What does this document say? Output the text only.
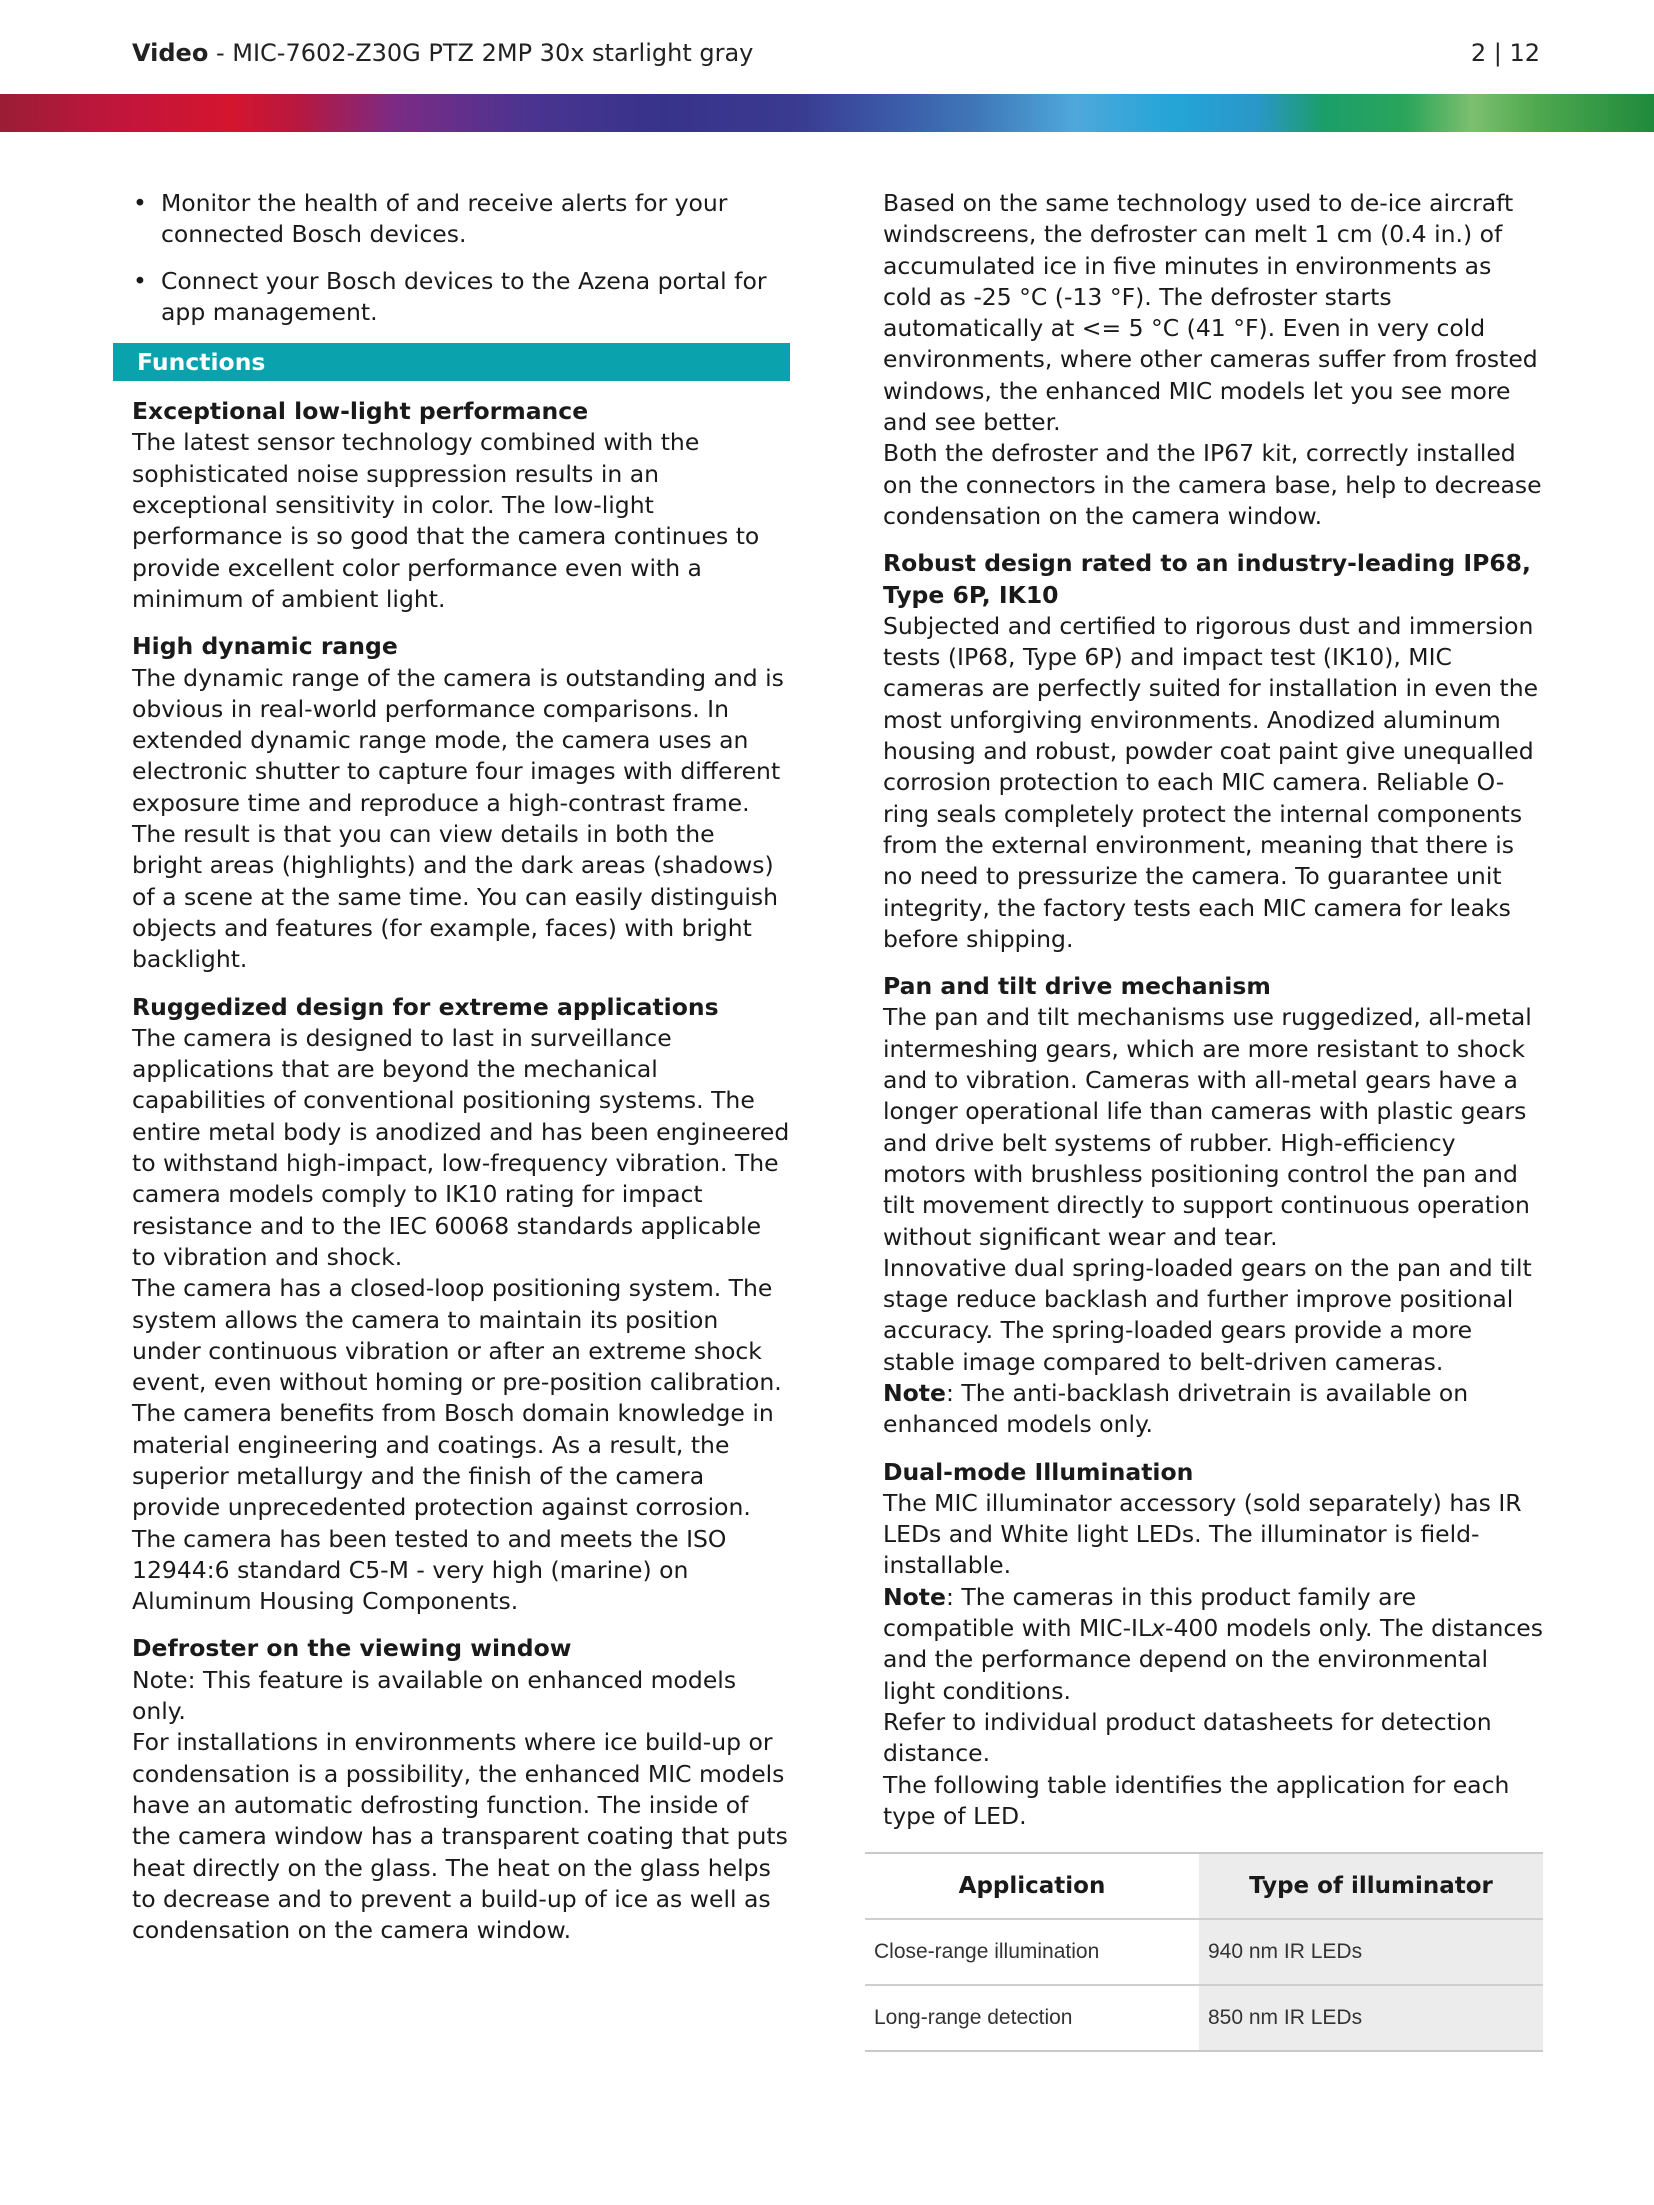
Video - MIC-7602-Z30G PTZ 2MP 30x starlight gray	2 | 12
• Monitor the health of and receive alerts for your connected Bosch devices.
• Connect your Bosch devices to the Azena portal for app management.
Functions
Exceptional low-light performance

The latest sensor technology combined with the sophisticated noise suppression results in an exceptional sensitivity in color. The low-light performance is so good that the camera continues to provide excellent color performance even with a minimum of ambient light.

High dynamic range

The dynamic range of the camera is outstanding and is obvious in real-world performance comparisons. In extended dynamic range mode, the camera uses an electronic shutter to capture four images with different exposure time and reproduce a high-contrast frame. The result is that you can view details in both the bright areas (highlights) and the dark areas (shadows) of a scene at the same time. You can easily distinguish objects and features (for example, faces) with bright backlight.

Ruggedized design for extreme applications

The camera is designed to last in surveillance applications that are beyond the mechanical capabilities of conventional positioning systems. The entire metal body is anodized and has been engineered to withstand high-impact, low-frequency vibration. The camera models comply to IK10 rating for impact resistance and to the IEC 60068 standards applicable to vibration and shock.

The camera has a closed-loop positioning system. The system allows the camera to maintain its position under continuous vibration or after an extreme shock event, even without homing or pre-position calibration.

The camera benefits from Bosch domain knowledge in material engineering and coatings. As a result, the superior metallurgy and the finish of the camera provide unprecedented protection against corrosion. The camera has been tested to and meets the ISO 12944:6 standard C5-M - very high (marine) on Aluminum Housing Components.

Defroster on the viewing window

Note: This feature is available on enhanced models only.

For installations in environments where ice build-up or condensation is a possibility, the enhanced MIC models have an automatic defrosting function. The inside of the camera window has a transparent coating that puts heat directly on the glass. The heat on the glass helps to decrease and to prevent a build-up of ice as well as condensation on the camera window.

Based on the same technology used to de-ice aircraft windscreens, the defroster can melt 1 cm (0.4 in.) of accumulated ice in five minutes in environments as cold as -25 °C (-13 °F). The defroster starts automatically at <= 5 °C (41 °F). Even in very cold environments, where other cameras suffer from frosted windows, the enhanced MIC models let you see more and see better.

Both the defroster and the IP67 kit, correctly installed on the connectors in the camera base, help to decrease condensation on the camera window.

Robust design rated to an industry-leading IP68, Type 6P, IK10

Subjected and certified to rigorous dust and immersion tests (IP68, Type 6P) and impact test (IK10), MIC cameras are perfectly suited for installation in even the most unforgiving environments. Anodized aluminum housing and robust, powder coat paint give unequalled corrosion protection to each MIC camera. Reliable O-ring seals completely protect the internal components from the external environment, meaning that there is no need to pressurize the camera. To guarantee unit integrity, the factory tests each MIC camera for leaks before shipping.

Pan and tilt drive mechanism

The pan and tilt mechanisms use ruggedized, all-metal intermeshing gears, which are more resistant to shock and to vibration. Cameras with all-metal gears have a longer operational life than cameras with plastic gears and drive belt systems of rubber. High-efficiency motors with brushless positioning control the pan and tilt movement directly to support continuous operation without significant wear and tear.

Innovative dual spring-loaded gears on the pan and tilt stage reduce backlash and further improve positional accuracy. The spring-loaded gears provide a more stable image compared to belt-driven cameras.

Note: The anti-backlash drivetrain is available on enhanced models only.

Dual-mode Illumination

The MIC illuminator accessory (sold separately) has IR LEDs and White light LEDs. The illuminator is field-installable.

Note: The cameras in this product family are compatible with MIC-ILx-400 models only. The distances and the performance depend on the environmental light conditions.

Refer to individual product datasheets for detection distance.

The following table identifies the application for each type of LED.

Application	Type of illuminator
Close-range illumination	940 nm IR LEDs
Long-range detection	850 nm IR LEDs
